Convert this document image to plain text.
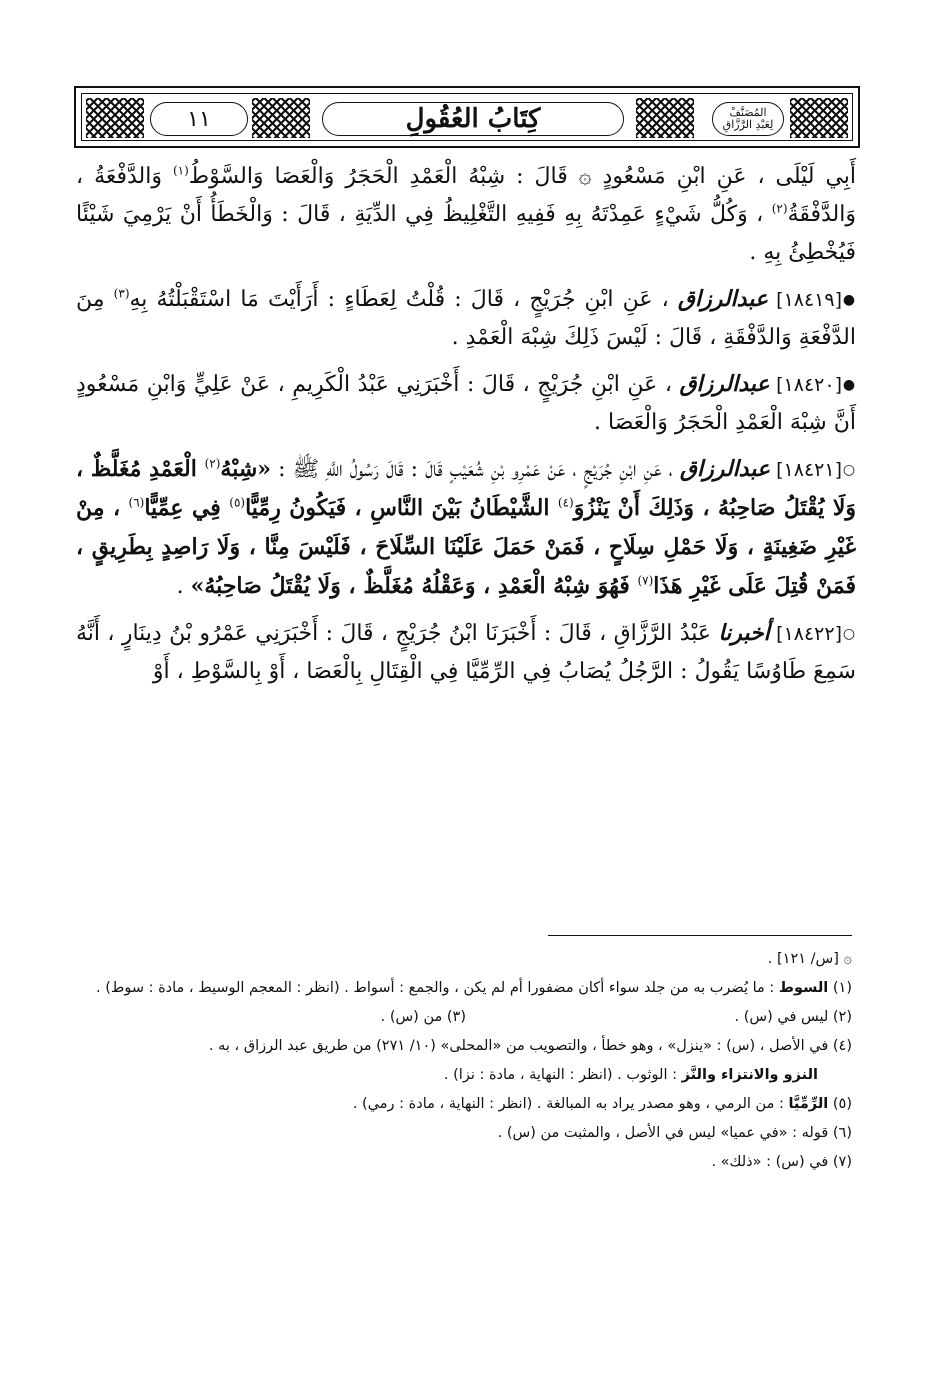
١١	كِتَابُ العُقُولِ	المُصَنَّفْ
لِعَبْدِ الرَّزَّاقِ

أَبِي لَيْلَى ، عَنِ ابْنِ مَسْعُودٍ ۞ قَالَ : شِبْهُ الْعَمْدِ الْحَجَرُ وَالْعَصَا وَالسَّوْطُ$^{(١)}$ وَالدَّفْعَةُ ، وَالدَّفْقَةُ$^{(٢)}$ ، وَكُلُّ شَيْءٍ عَمِدْتَهُ بِهِ فَفِيهِ التَّغْلِيظُ فِي الدِّيَةِ ، قَالَ : وَالْخَطَأُ أَنْ يَرْمِيَ شَيْئًا فَيُخْطِئُ بِهِ .

●[١٨٤١٩] عبدالرزاق ، عَنِ ابْنِ جُرَيْجٍ ، قَالَ : قُلْتُ لِعَطَاءٍ : أَرَأَيْتَ مَا اسْتَقْبَلْتُهُ بِهِ$^{(٣)}$ مِنَ الدَّفْعَةِ وَالدَّفْقَةِ ، قَالَ : لَيْسَ ذَلِكَ شِبْهَ الْعَمْدِ .

●[١٨٤٢٠] عبدالرزاق ، عَنِ ابْنِ جُرَيْجٍ ، قَالَ : أَخْبَرَنِي عَبْدُ الْكَرِيمِ ، عَنْ عَلِيٍّ وَابْنِ مَسْعُودٍ أَنَّ شِبْهَ الْعَمْدِ الْحَجَرُ وَالْعَصَا .

○[١٨٤٢١] عبدالرزاق ، عَنِ ابْنِ جُرَيْجٍ ، عَنْ عَمْرِو بْنِ شُعَيْبٍ قَالَ : قَالَ رَسُولُ اللَّهِ ﷺ : «شِبْهُ$^{(٢)}$ الْعَمْدِ مُغَلَّظٌ ، وَلَا يُقْتَلُ صَاحِبُهُ ، وَذَلِكَ أَنْ يَنْزُوَ$^{(٤)}$ الشَّيْطَانُ بَيْنَ النَّاسِ ، فَيَكُونُ رِمِّيًّا$^{(٥)}$ فِي عِمِّيًّا$^{(٦)}$ ، مِنْ غَيْرِ ضَغِينَةٍ ، وَلَا حَمْلِ سِلَاحٍ ، فَمَنْ حَمَلَ عَلَيْنَا السِّلَاحَ ، فَلَيْسَ مِنَّا ، وَلَا رَاصِدٍ بِطَرِيقٍ ، فَمَنْ قُتِلَ عَلَى غَيْرِ هَذَا$^{(٧)}$ فَهُوَ شِبْهُ الْعَمْدِ ، وَعَقْلُهُ مُغَلَّظٌ ، وَلَا يُقْتَلُ صَاحِبُهُ» .

○[١٨٤٢٢] أخبرنا عَبْدُ الرَّزَّاقِ ، قَالَ : أَخْبَرَنَا ابْنُ جُرَيْجٍ ، قَالَ : أَخْبَرَنِي عَمْرُو بْنُ دِينَارٍ ، أَنَّهُ سَمِعَ طَاوُسًا يَقُولُ : الرَّجُلُ يُصَابُ فِي الرِّمِّيَّا فِي الْقِتَالِ بِالْعَصَا ، أَوْ بِالسَّوْطِ ، أَوْ

۞ [س/ ١٢١] .

(١) السوط : ما يُضرب به من جلد سواء أكان مضفورا أم لم يكن ، والجمع : أسواط . (انظر : المعجم الوسيط ، مادة : سوط) .

(٢) ليس في (س) .
(٣) من (س) .

(٤) في الأصل ، (س) : «ينزل» ، وهو خطأ ، والتصويب من «المحلى» (١٠/ ٢٧١) من طريق عبد الرزاق ، به .

النزو والانتزاء والنَّز : الوثوب . (انظر : النهاية ، مادة : نزا) .

(٥) الرِّمِّيَّا : من الرمي ، وهو مصدر يراد به المبالغة . (انظر : النهاية ، مادة : رمي) .

(٦) قوله : «في عميا» ليس في الأصل ، والمثبت من (س) .

(٧) في (س) : «ذلك» .
